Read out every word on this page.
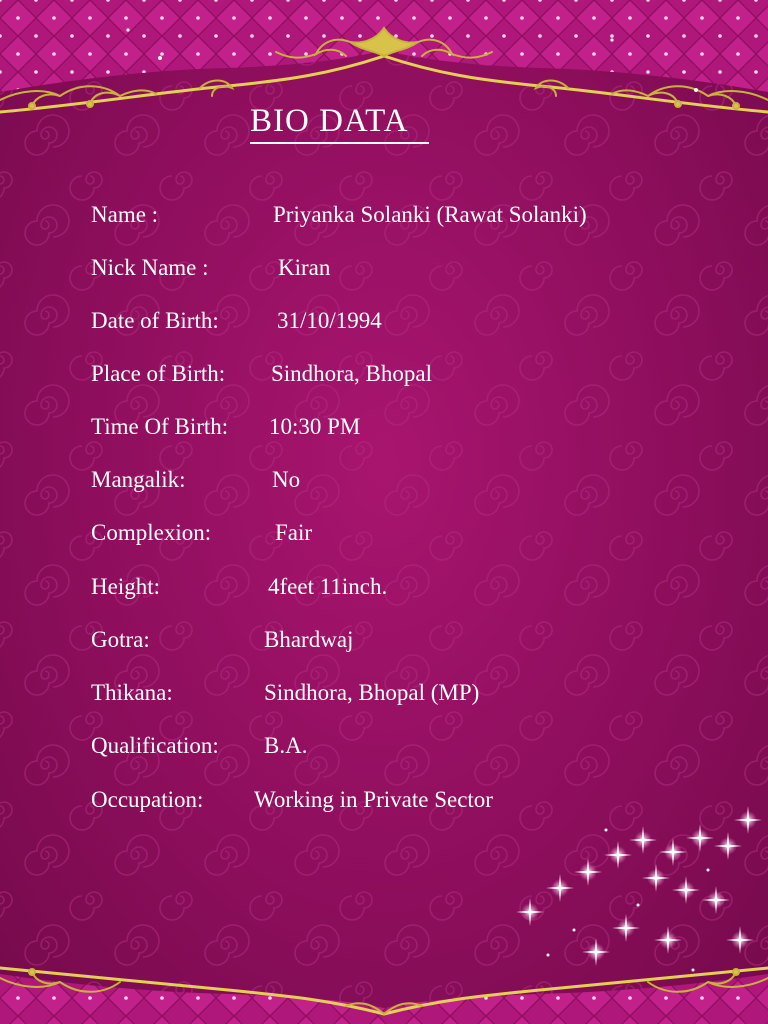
BIO DATA
Name :	Priyanka Solanki (Rawat Solanki)
Nick Name :	Kiran
Date of Birth:	31/10/1994
Place of Birth: Sindhora, Bhopal
Time Of Birth: 10:30 PM
Mangalik:	No
Complexion:	Fair
Height:	4feet 11inch.
Gotra:	Bhardwaj
Thikana:	Sindhora, Bhopal (MP)
Qualification: B.A.
Occupation: Working in Private Sector
